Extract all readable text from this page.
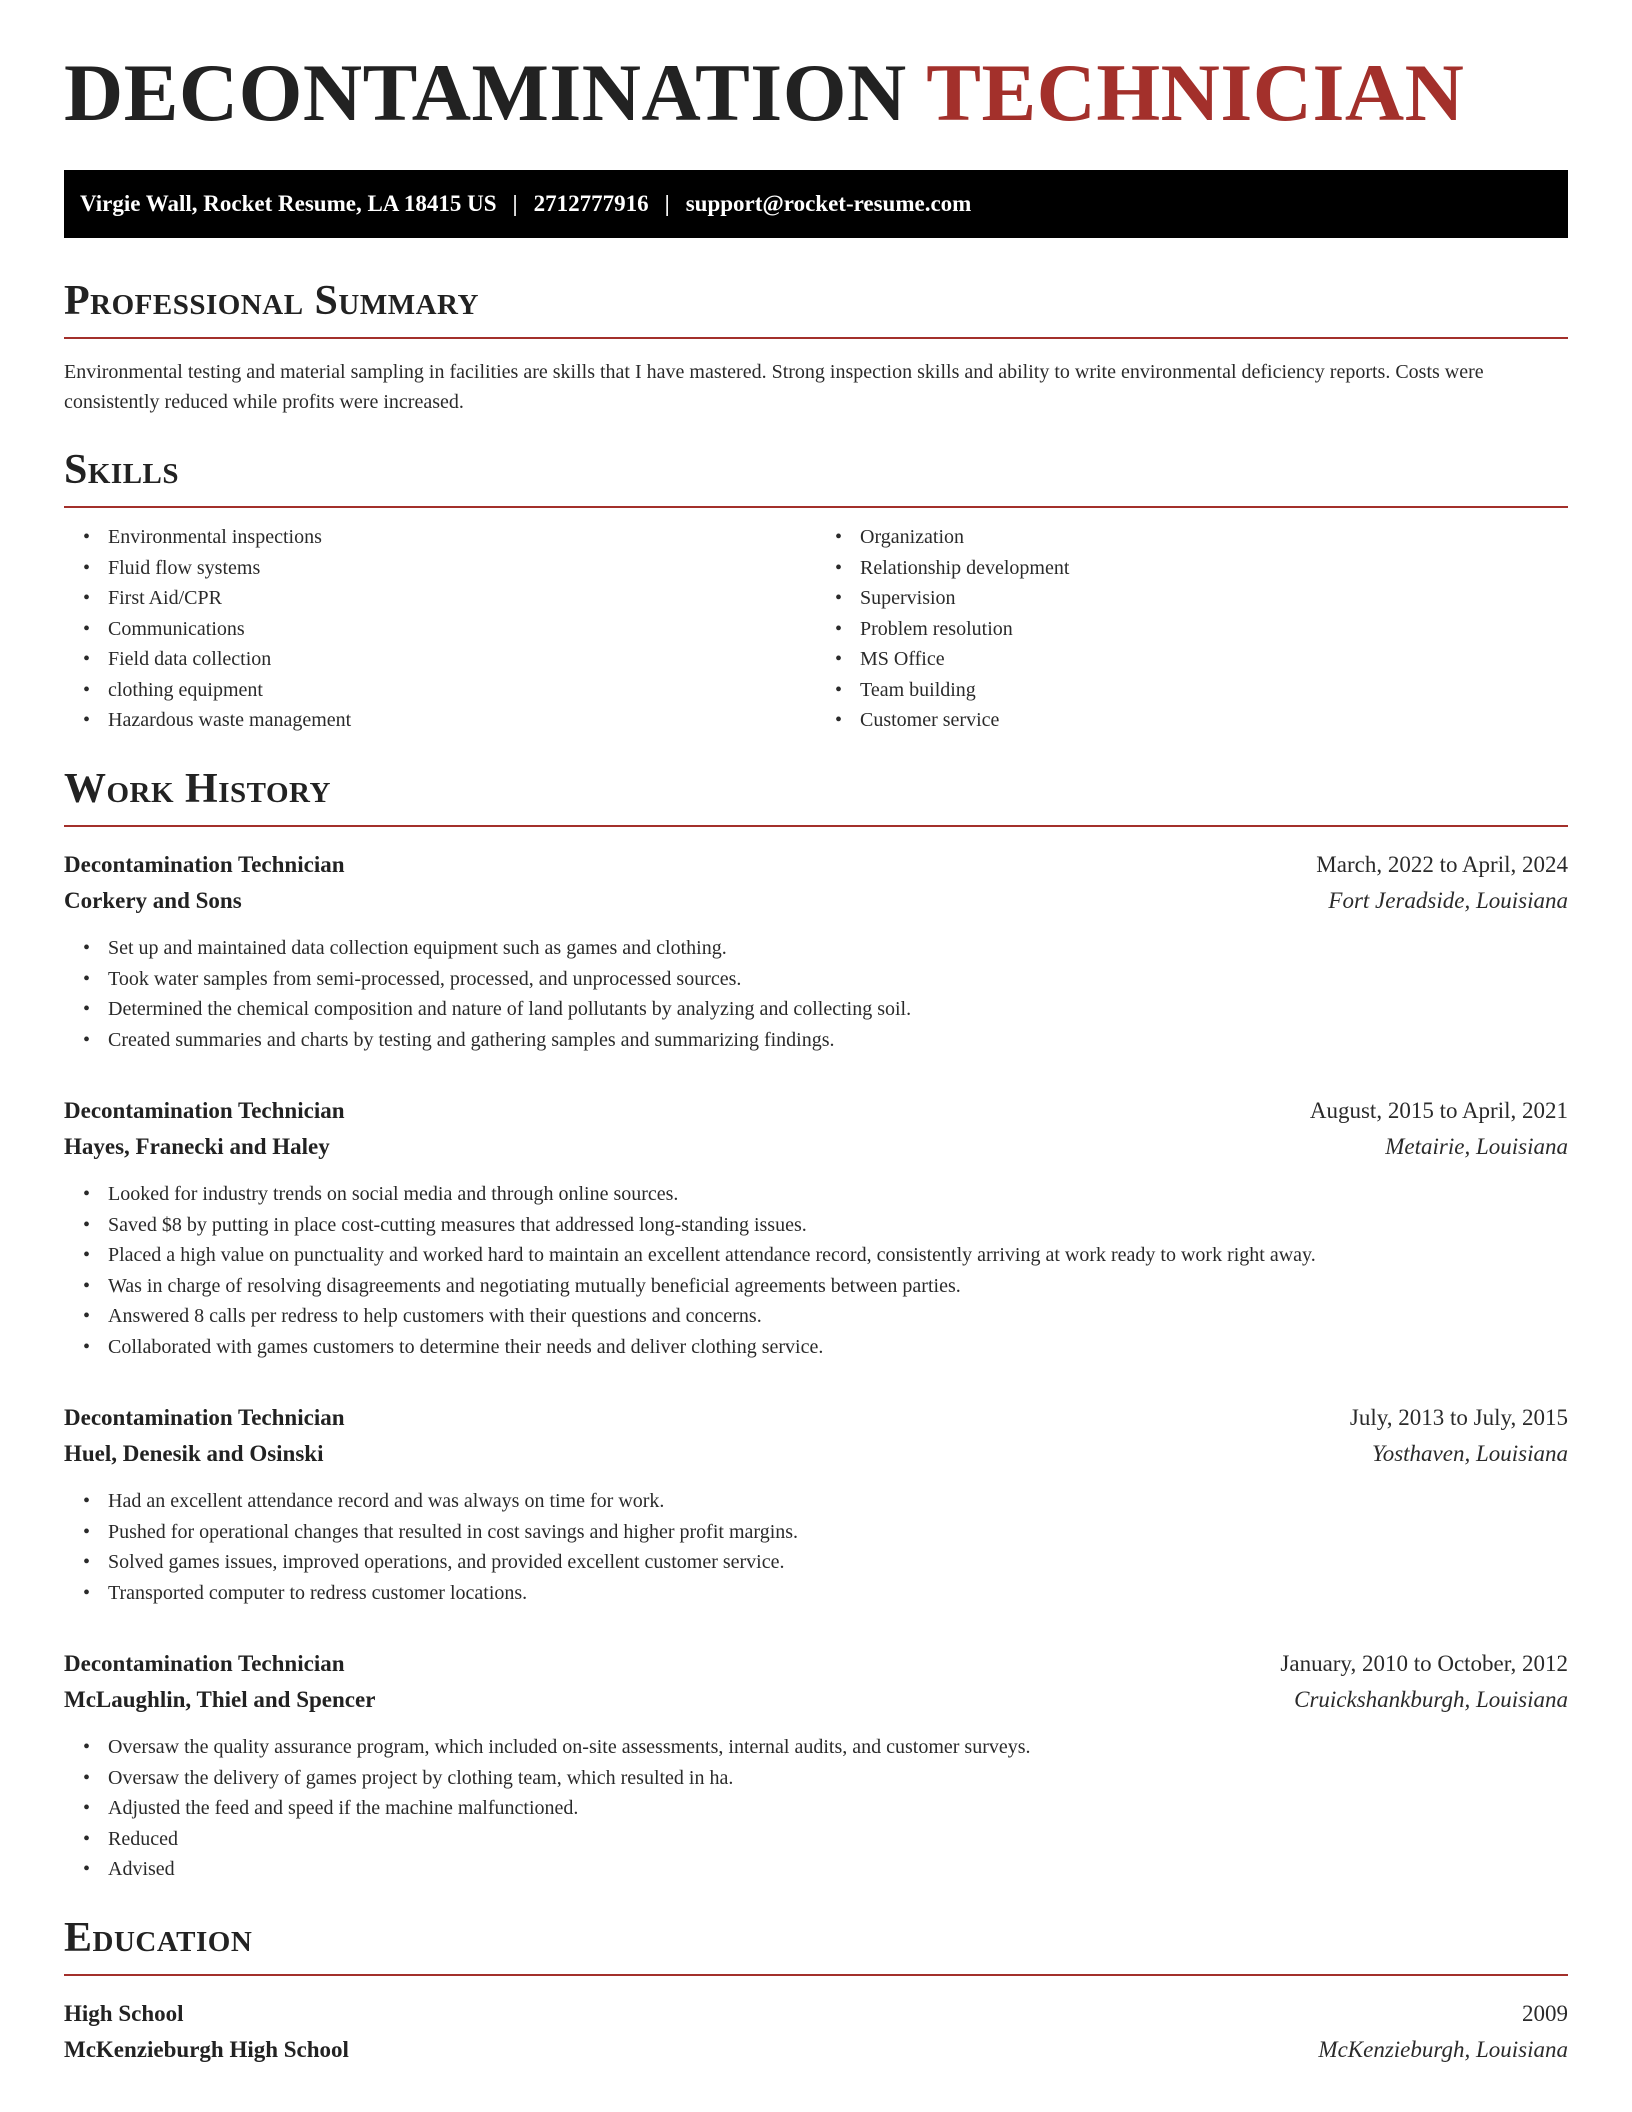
DECONTAMINATION TECHNICIAN
Virgie Wall, Rocket Resume, LA 18415 US | 2712777916 | support@rocket-resume.com
Professional Summary

Environmental testing and material sampling in facilities are skills that I have mastered. Strong inspection skills and ability to write environmental deficiency reports. Costs were consistently reduced while profits were increased.

Skills
• Environmental inspections
• Fluid flow systems
• First Aid/CPR
• Communications
• Field data collection
• clothing equipment
• Hazardous waste management
• Organization
• Relationship development
• Supervision
• Problem resolution
• MS Office
• Team building
• Customer service
Work History
Decontamination Technician	March, 2022 to April, 2024
Corkery and Sons	Fort Jeradside, Louisiana
• Set up and maintained data collection equipment such as games and clothing.
• Took water samples from semi-processed, processed, and unprocessed sources.
• Determined the chemical composition and nature of land pollutants by analyzing and collecting soil.
• Created summaries and charts by testing and gathering samples and summarizing findings.
Decontamination Technician	August, 2015 to April, 2021
Hayes, Franecki and Haley	Metairie, Louisiana
• Looked for industry trends on social media and through online sources.
• Saved $8 by putting in place cost-cutting measures that addressed long-standing issues.
• Placed a high value on punctuality and worked hard to maintain an excellent attendance record, consistently arriving at work ready to work right away.
• Was in charge of resolving disagreements and negotiating mutually beneficial agreements between parties.
• Answered 8 calls per redress to help customers with their questions and concerns.
• Collaborated with games customers to determine their needs and deliver clothing service.
Decontamination Technician	July, 2013 to July, 2015
Huel, Denesik and Osinski	Yosthaven, Louisiana
• Had an excellent attendance record and was always on time for work.
• Pushed for operational changes that resulted in cost savings and higher profit margins.
• Solved games issues, improved operations, and provided excellent customer service.
• Transported computer to redress customer locations.
Decontamination Technician	January, 2010 to October, 2012
McLaughlin, Thiel and Spencer	Cruickshankburgh, Louisiana
• Oversaw the quality assurance program, which included on-site assessments, internal audits, and customer surveys.
• Oversaw the delivery of games project by clothing team, which resulted in ha.
• Adjusted the feed and speed if the machine malfunctioned.
• Reduced
• Advised
Education
High School	2009
McKenzieburgh High School	McKenzieburgh, Louisiana
